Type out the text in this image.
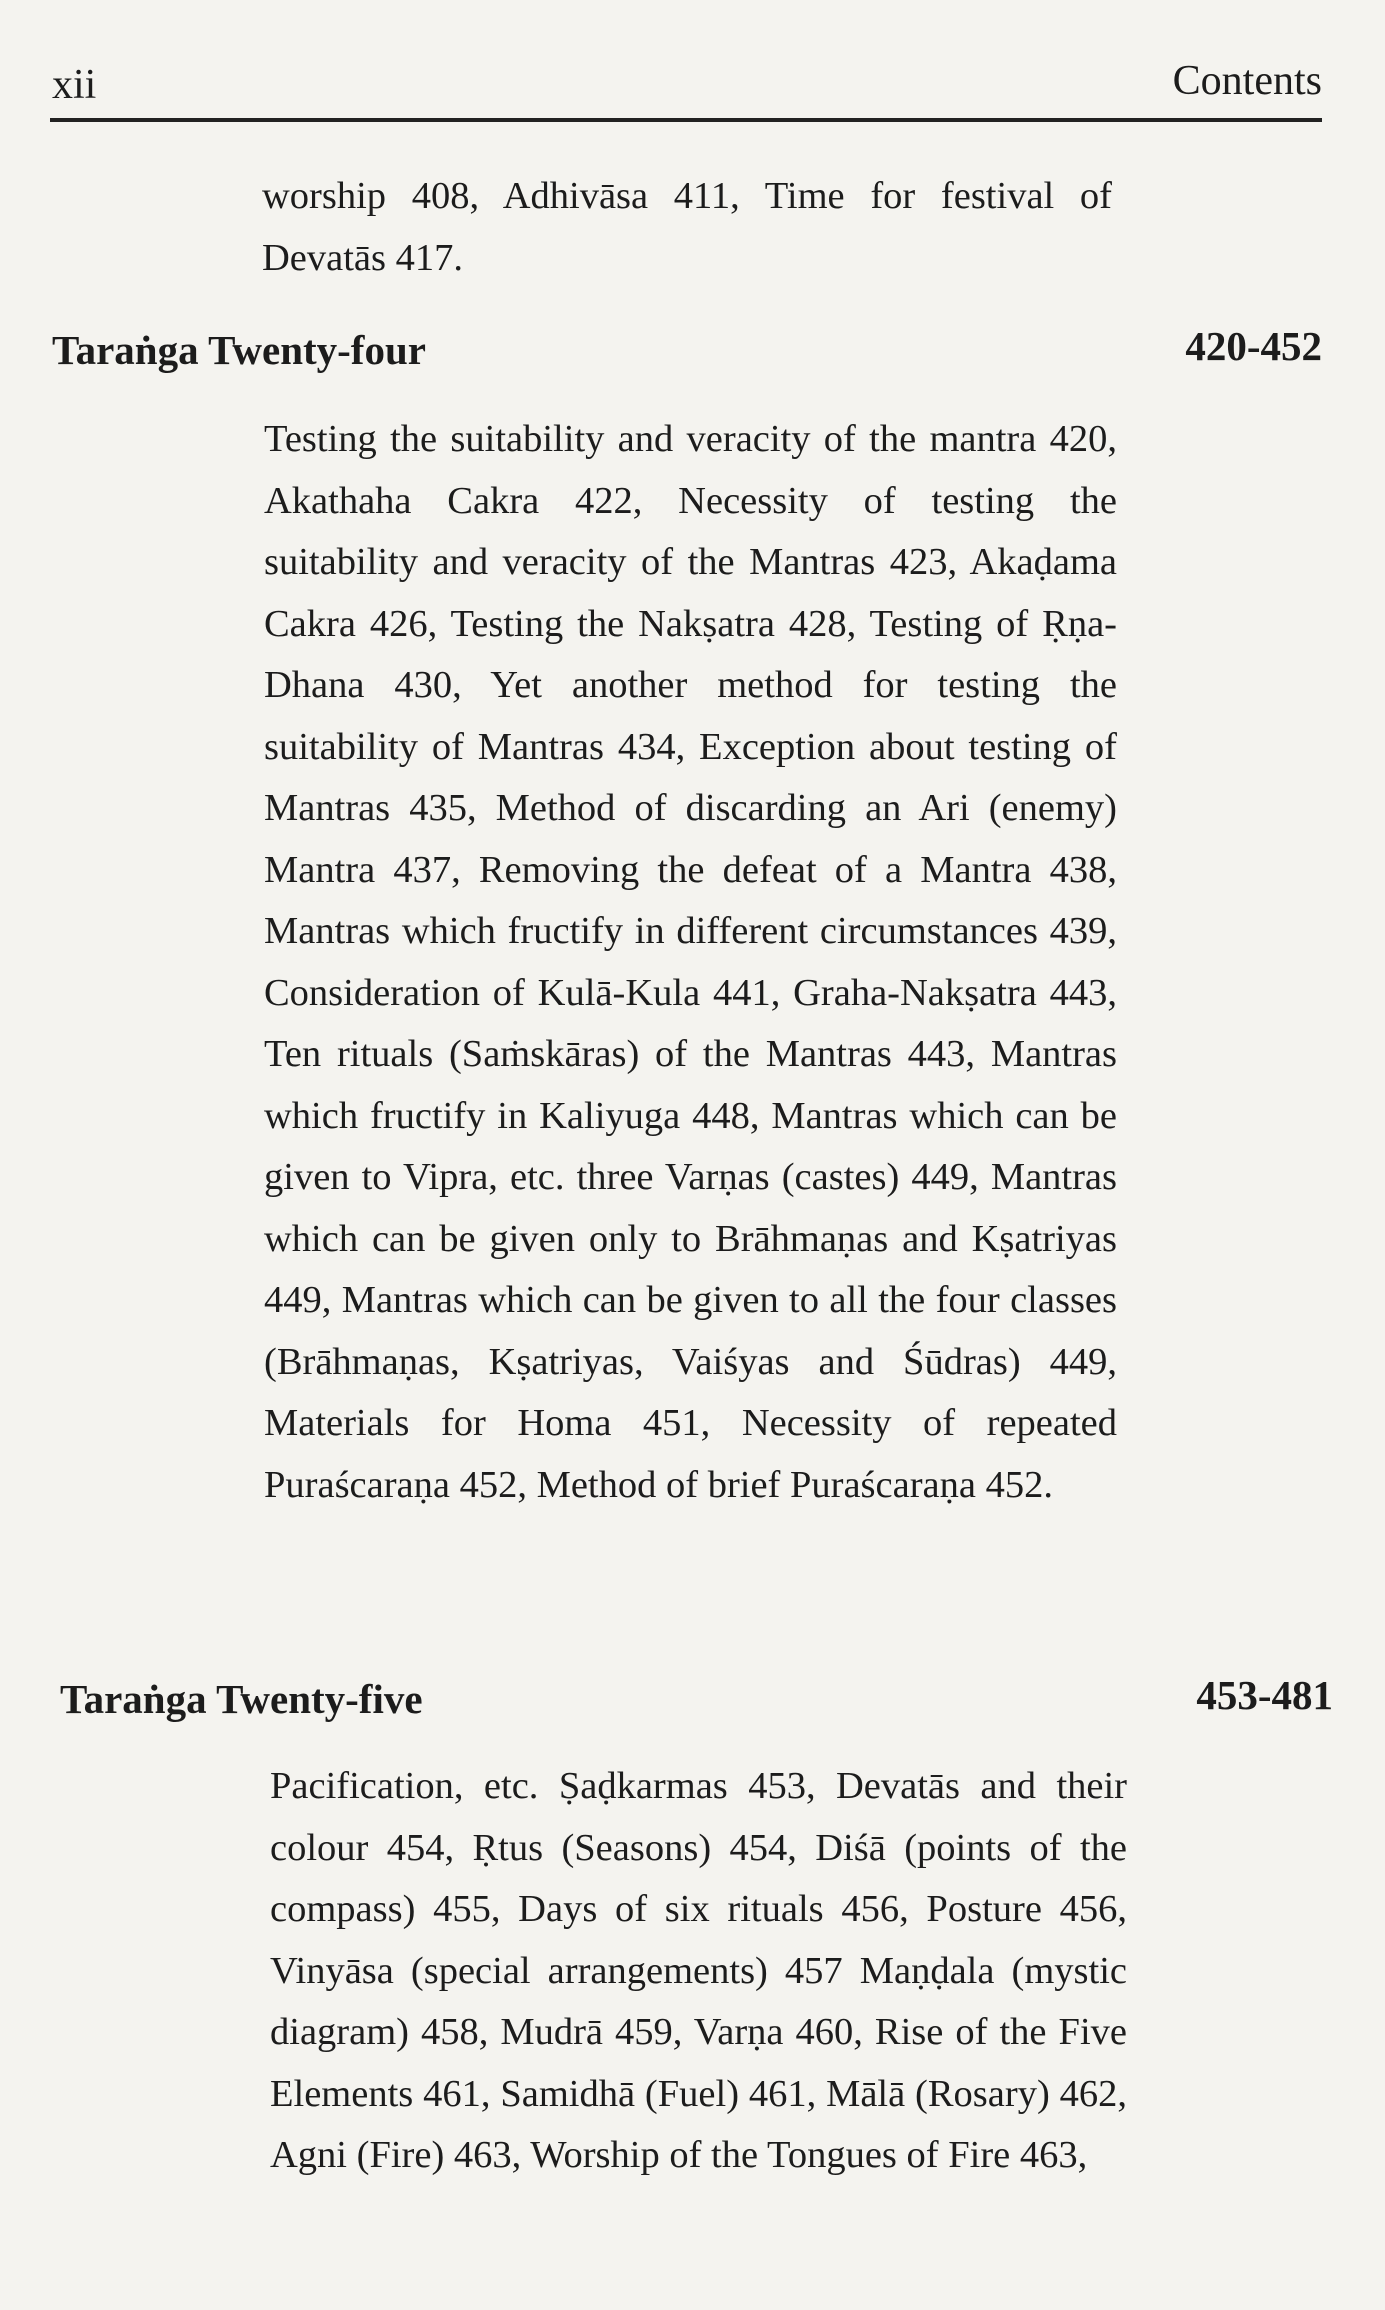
xii	Contents

worship 408, Adhivāsa 411, Time for festival of Devatās 417.

Taraṅga Twenty-four	420-452

Testing the suitability and veracity of the mantra 420, Akathaha Cakra 422, Necessity of testing the suitability and veracity of the Mantras 423, Akaḍama Cakra 426, Testing the Nakṣatra 428, Testing of Ṛṇa-Dhana 430, Yet another method for testing the suitability of Mantras 434, Exception about testing of Mantras 435, Method of discarding an Ari (enemy) Mantra 437, Removing the defeat of a Mantra 438, Mantras which fructify in different circumstances 439, Consideration of Kulā-Kula 441, Graha-Nakṣatra 443, Ten rituals (Saṁskāras) of the Mantras 443, Mantras which fructify in Kaliyuga 448, Mantras which can be given to Vipra, etc. three Varṇas (castes) 449, Mantras which can be given only to Brāhmaṇas and Kṣatriyas 449, Mantras which can be given to all the four classes (Brāhmaṇas, Kṣatriyas, Vaiśyas and Śūdras) 449, Materials for Homa 451, Necessity of repeated Puraścaraṇa 452, Method of brief Puraścaraṇa 452.

Taraṅga Twenty-five	453-481

Pacification, etc. Ṣaḍkarmas 453, Devatās and their colour 454, Ṛtus (Seasons) 454, Diśā (points of the compass) 455, Days of six rituals 456, Posture 456, Vinyāsa (special arrangements) 457 Maṇḍala (mystic diagram) 458, Mudrā 459, Varṇa 460, Rise of the Five Elements 461, Samidhā (Fuel) 461, Mālā (Rosary) 462, Agni (Fire) 463, Worship of the Tongues of Fire 463,
